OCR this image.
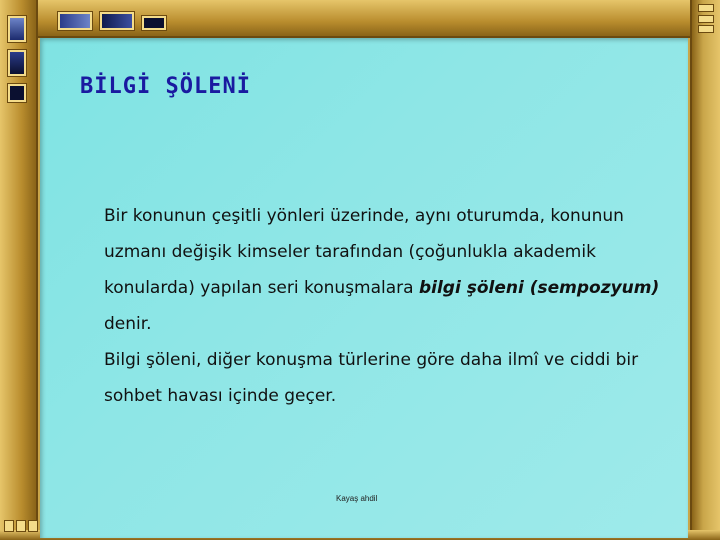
BİLGİ ŞÖLENİ

Bir konunun çeşitli yönleri üzerinde, aynı oturumda, konunun uzmanı değişik kimseler tarafından (çoğunlukla akademik konularda) yapılan seri konuşmalara bilgi şöleni (sempozyum) denir.

Bilgi şöleni, diğer konuşma türlerine göre daha ilmî ve ciddi bir sohbet havası içinde geçer.

Kayaş ahdil
